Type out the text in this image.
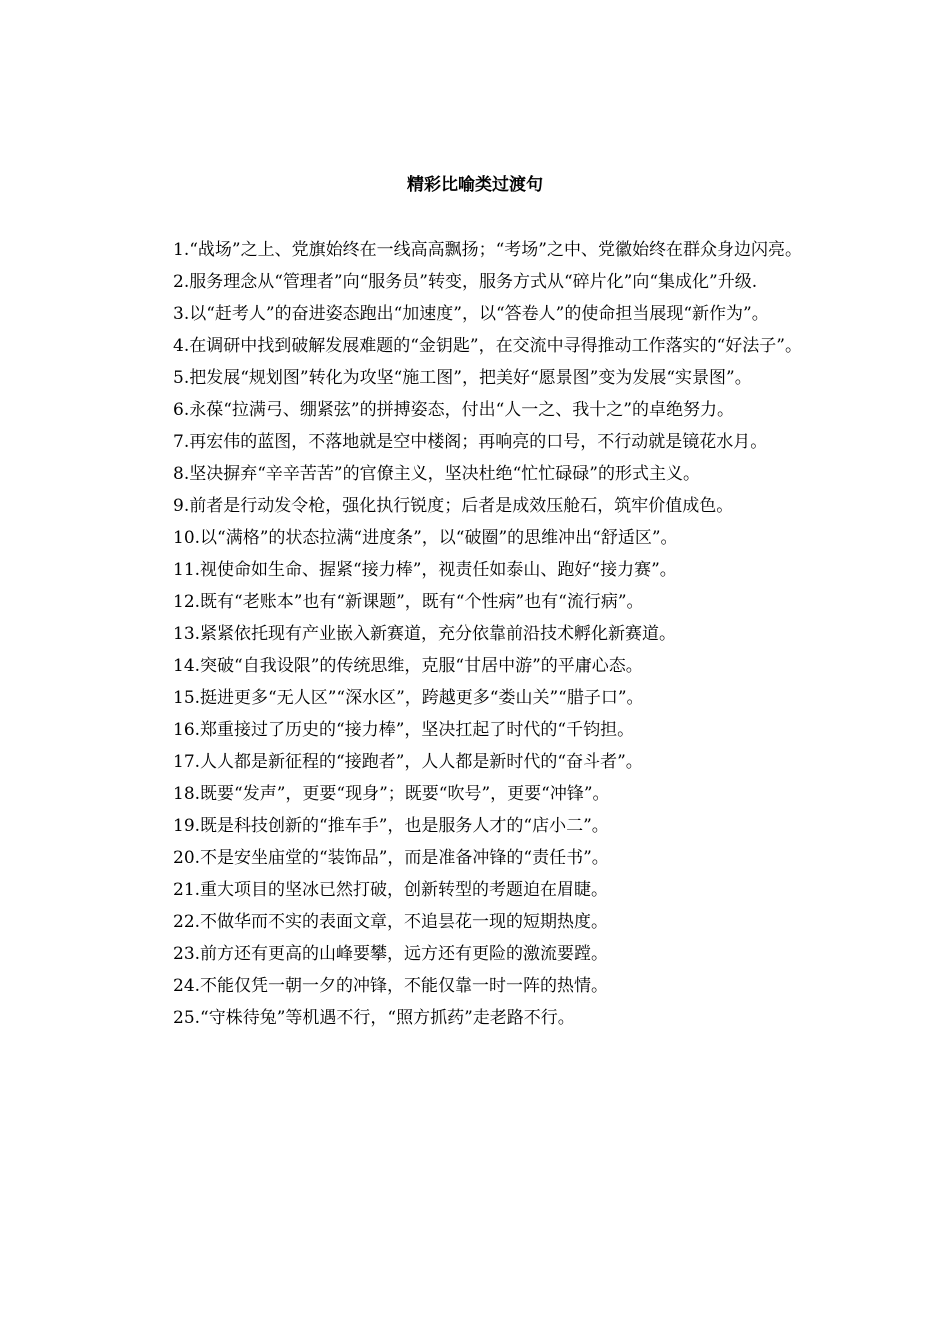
精彩比喻类过渡句

1.“战场”之上、党旗始终在一线高高飘扬；“考场”之中、党徽始终在群众身边闪亮。

2.服务理念从“管理者”向“服务员”转变，服务方式从“碎片化”向“集成化”升级.

3.以“赶考人”的奋进姿态跑出“加速度”，以“答卷人”的使命担当展现“新作为”。

4.在调研中找到破解发展难题的“金钥匙”，在交流中寻得推动工作落实的“好法子”。

5.把发展“规划图”转化为攻坚“施工图”，把美好“愿景图”变为发展“实景图”。

6.永葆“拉满弓、绷紧弦”的拼搏姿态，付出“人一之、我十之”的卓绝努力。

7.再宏伟的蓝图，不落地就是空中楼阁；再响亮的口号，不行动就是镜花水月。

8.坚决摒弃“辛辛苦苦”的官僚主义，坚决杜绝“忙忙碌碌”的形式主义。

9.前者是行动发令枪，强化执行锐度；后者是成效压舱石，筑牢价值成色。

10.以“满格”的状态拉满“进度条”，以“破圈”的思维冲出“舒适区”。

11.视使命如生命、握紧“接力棒”，视责任如泰山、跑好“接力赛”。

12.既有“老账本”也有“新课题”，既有“个性病”也有“流行病”。

13.紧紧依托现有产业嵌入新赛道，充分依靠前沿技术孵化新赛道。

14.突破“自我设限”的传统思维，克服“甘居中游”的平庸心态。

15.挺进更多“无人区”“深水区”，跨越更多“娄山关”“腊子口”。

16.郑重接过了历史的“接力棒”，坚决扛起了时代的“千钧担。

17.人人都是新征程的“接跑者”，人人都是新时代的“奋斗者”。

18.既要“发声”，更要“现身”；既要“吹号”，更要“冲锋”。

19.既是科技创新的“推车手”，也是服务人才的“店小二”。

20.不是安坐庙堂的“装饰品”，而是准备冲锋的“责任书”。

21.重大项目的坚冰已然打破，创新转型的考题迫在眉睫。

22.不做华而不实的表面文章，不追昙花一现的短期热度。

23.前方还有更高的山峰要攀，远方还有更险的激流要蹚。

24.不能仅凭一朝一夕的冲锋，不能仅靠一时一阵的热情。

25.“守株待兔”等机遇不行，“照方抓药”走老路不行。
